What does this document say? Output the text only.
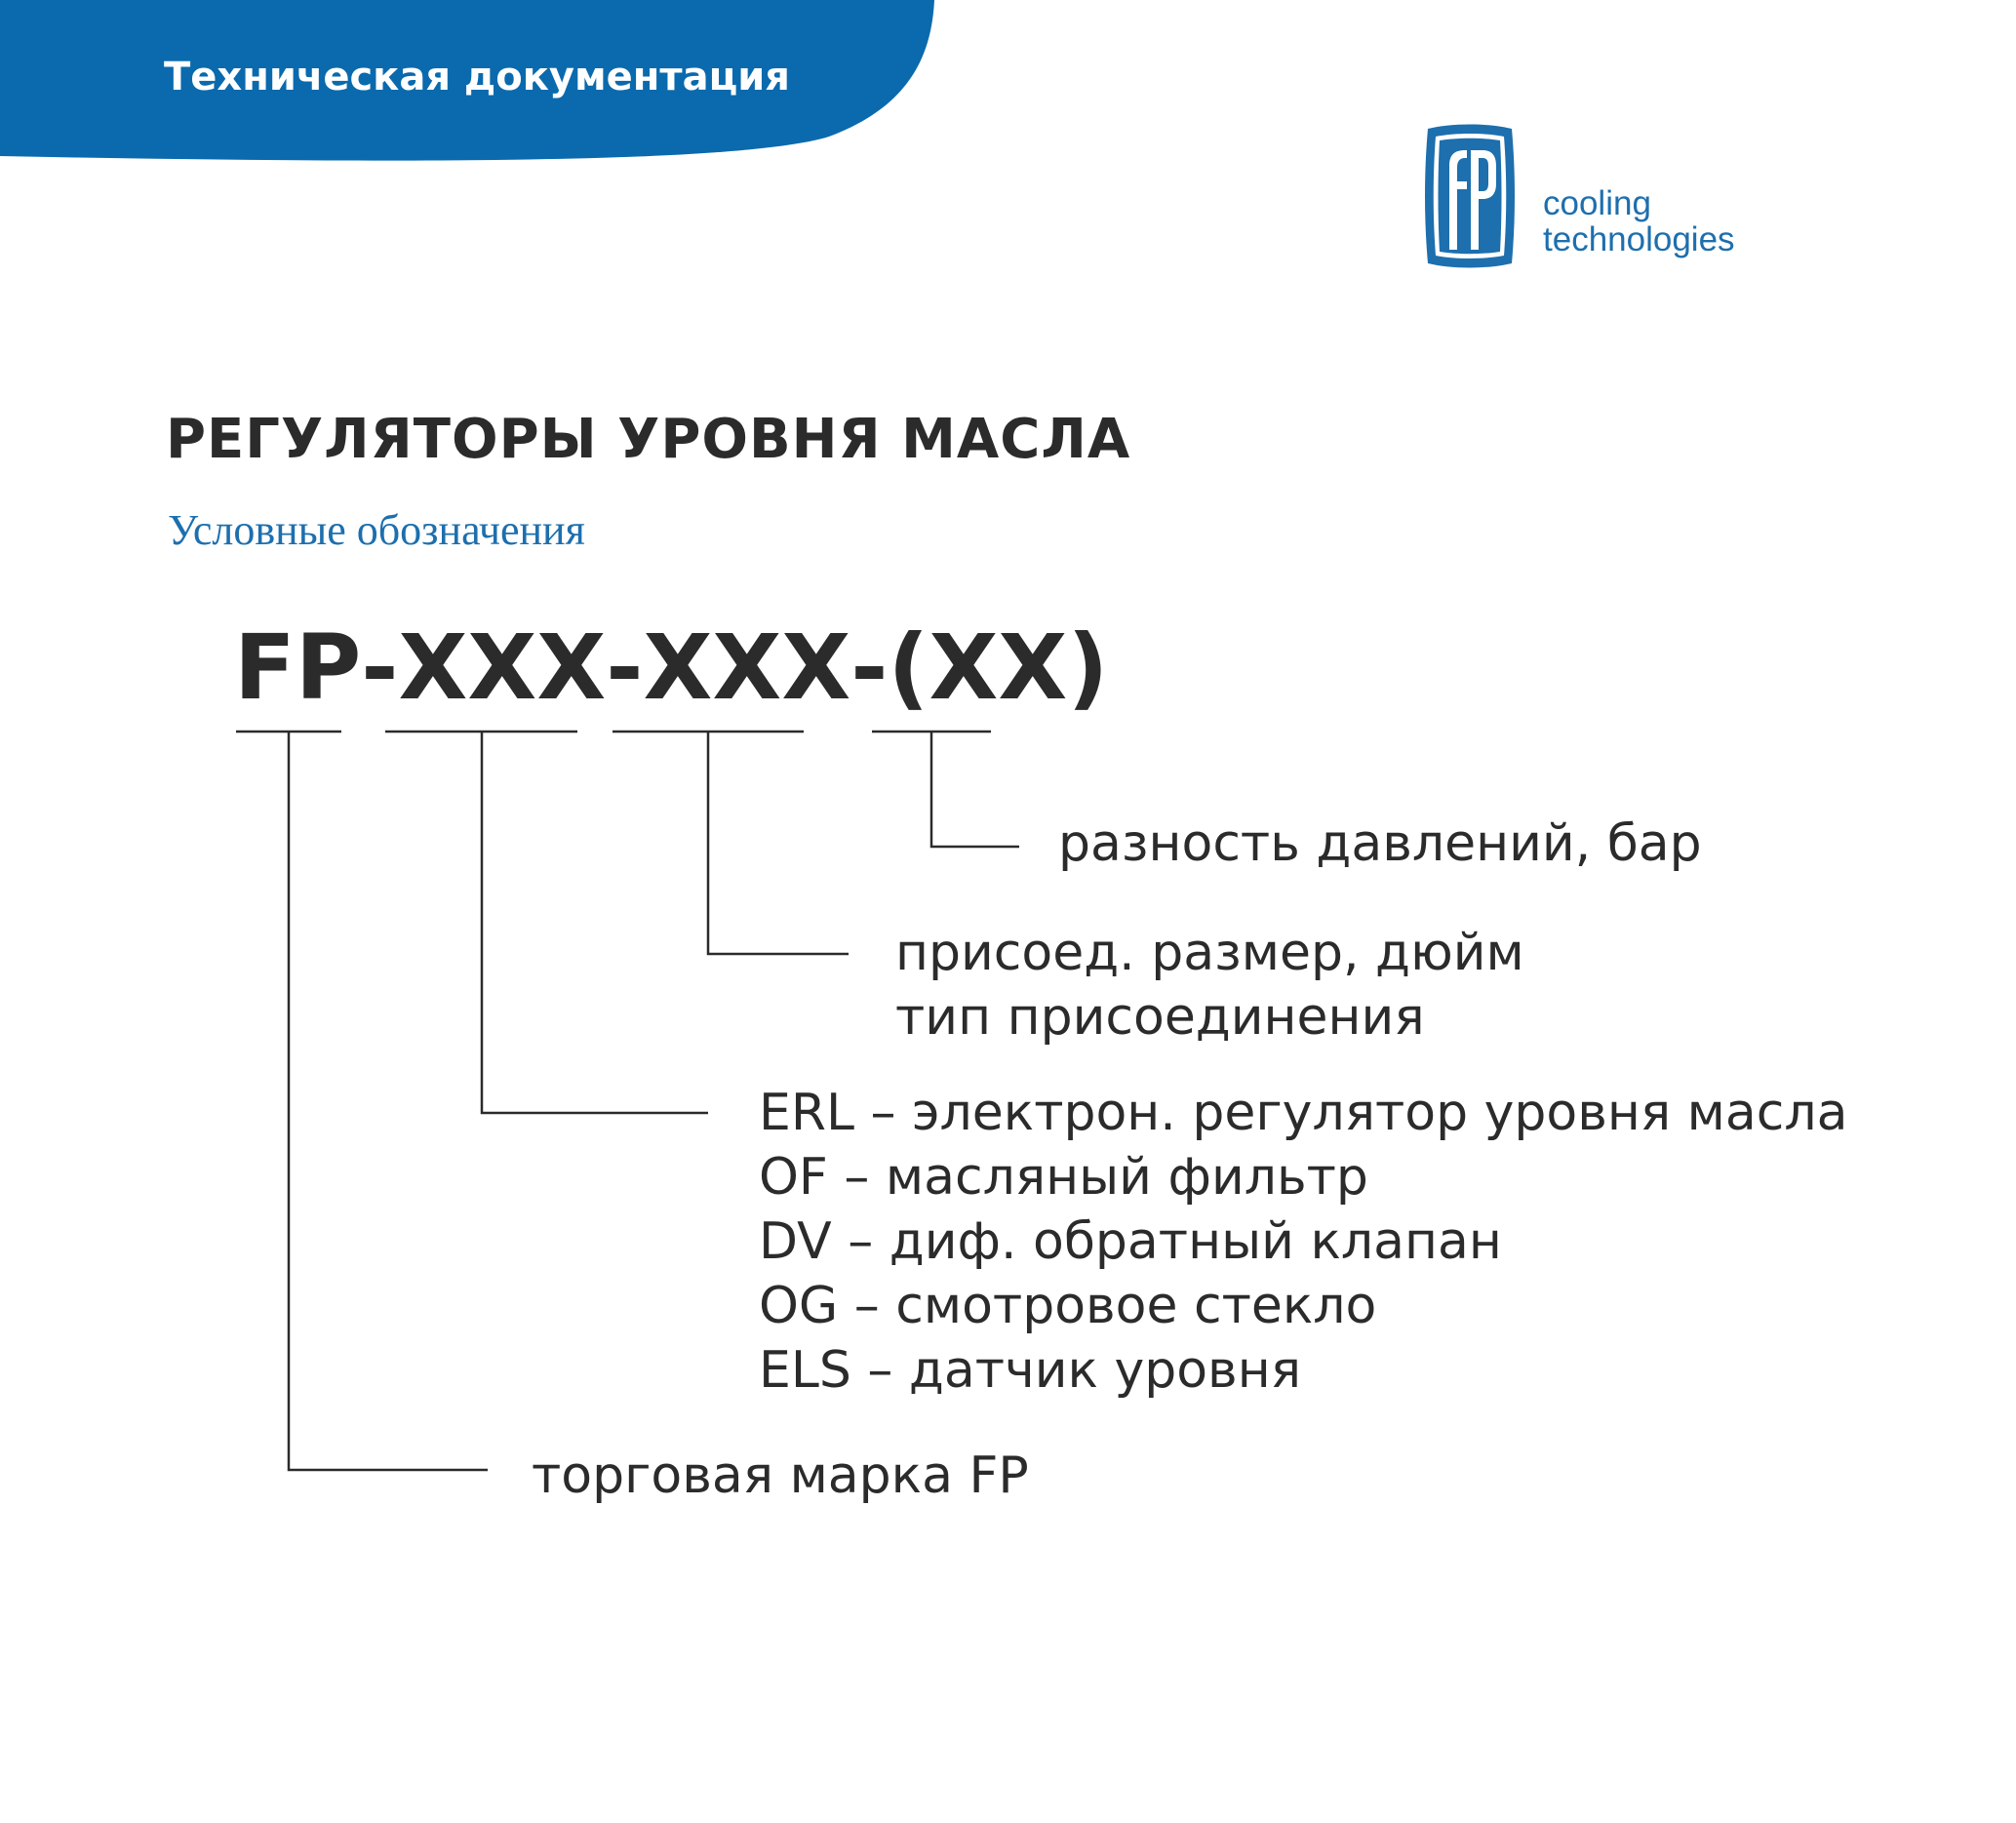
Техническая документация
cooling
technologies
РЕГУЛЯТОРЫ УРОВНЯ МАСЛА
Условные обозначения
FP-XXX-XXX-(XX)
разность давлений, бар
присоед. размер, дюйм
тип присоединения
ERL – электрон. регулятор уровня масла
OF – масляный фильтр
DV – диф. обратный клапан
OG – смотровое стекло
ELS – датчик уровня
торговая марка FP
